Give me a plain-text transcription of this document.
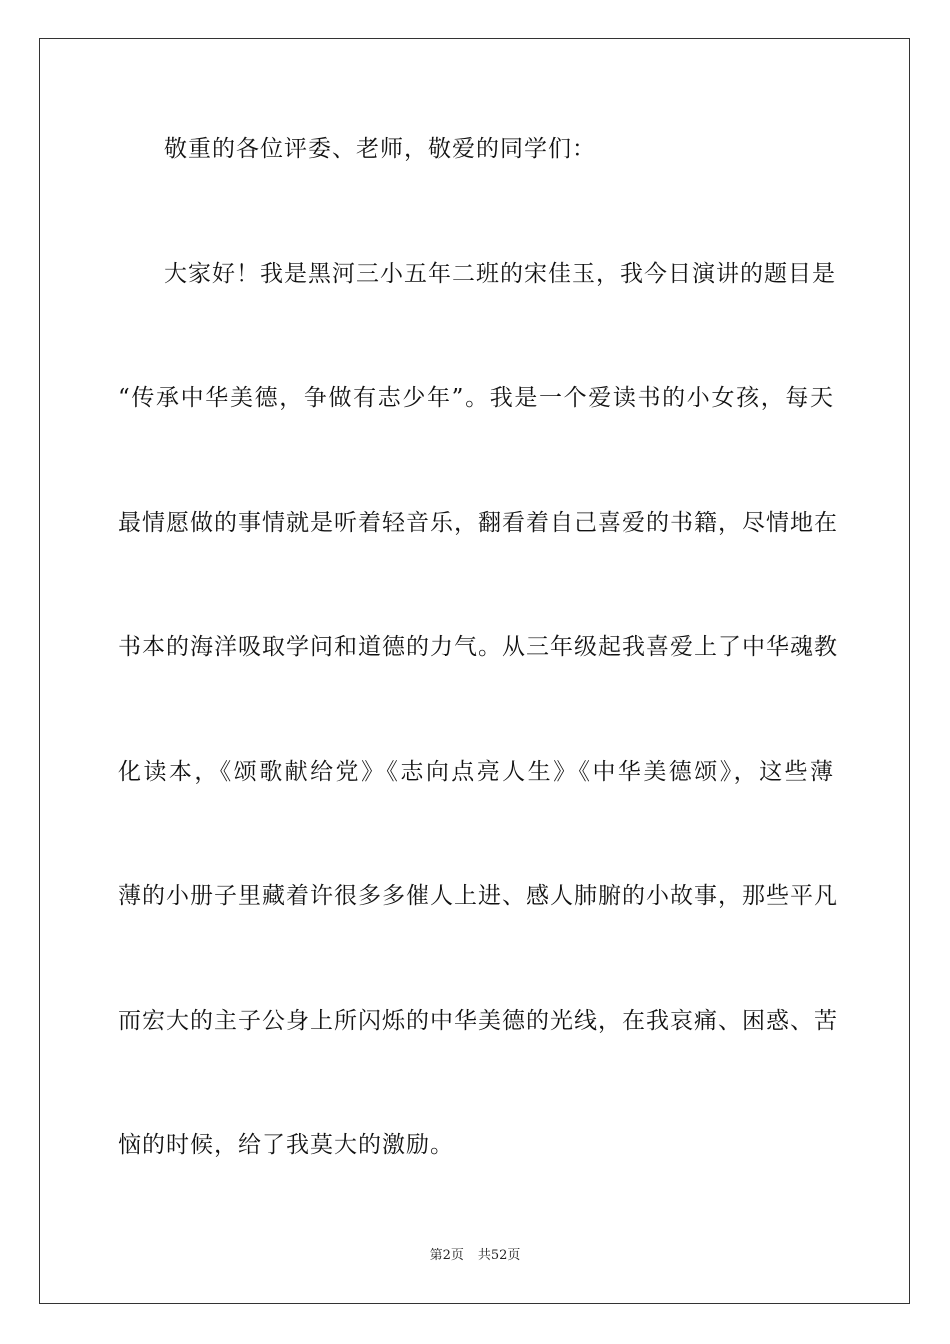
敬重的各位评委、老师，敬爱的同学们：
大家好！我是黑河三小五年二班的宋佳玉，我今日演讲的题目是
“传承中华美德，争做有志少年”。我是一个爱读书的小女孩，每天
最情愿做的事情就是听着轻音乐，翻看着自己喜爱的书籍，尽情地在
书本的海洋吸取学问和道德的力气。从三年级起我喜爱上了中华魂教
化读本，《颂歌献给党》《志向点亮人生》《中华美德颂》，这些薄
薄的小册子里藏着许很多多催人上进、感人肺腑的小故事，那些平凡
而宏大的主子公身上所闪烁的中华美德的光线，在我哀痛、困惑、苦
恼的时候，给了我莫大的激励。
第2页 共52页
